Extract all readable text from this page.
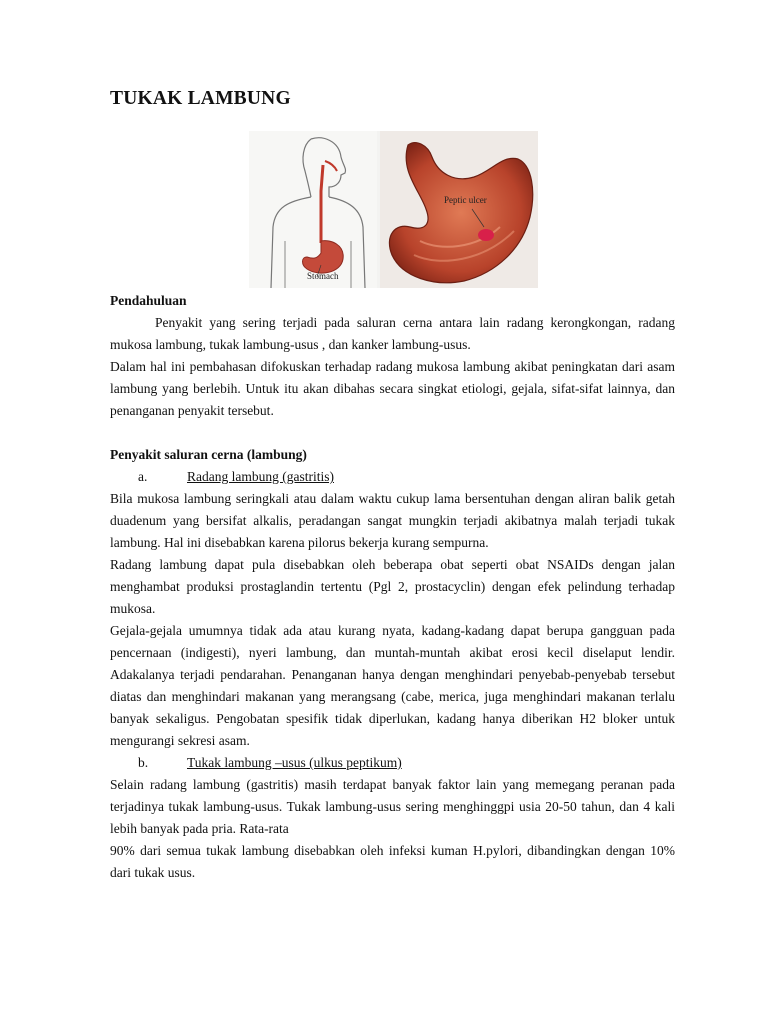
TUKAK LAMBUNG
Stomach
Peptic ulcer

Pendahuluan

Penyakit yang sering terjadi pada saluran cerna antara lain radang kerongkongan, radang mukosa lambung, tukak lambung-usus , dan kanker lambung-usus.

Dalam hal ini pembahasan difokuskan terhadap radang mukosa lambung akibat peningkatan dari asam lambung yang berlebih. Untuk itu akan dibahas secara singkat etiologi, gejala, sifat-sifat lainnya, dan penanganan penyakit tersebut.

Penyakit saluran cerna (lambung)

a.	Radang lambung (gastritis)

Bila mukosa lambung seringkali atau dalam waktu cukup lama bersentuhan dengan aliran balik getah duadenum yang bersifat alkalis, peradangan sangat mungkin terjadi akibatnya malah terjadi tukak lambung. Hal ini disebabkan karena pilorus bekerja kurang sempurna.

Radang lambung dapat pula disebabkan oleh beberapa obat seperti obat NSAIDs dengan jalan menghambat produksi prostaglandin tertentu (Pgl 2, prostacyclin) dengan efek pelindung terhadap mukosa.

Gejala-gejala umumnya tidak ada atau kurang nyata, kadang-kadang dapat berupa gangguan pada pencernaan (indigesti), nyeri lambung, dan muntah-muntah akibat erosi kecil diselaput lendir. Adakalanya terjadi pendarahan. Penanganan hanya dengan menghindari penyebab-penyebab tersebut diatas dan menghindari makanan yang merangsang (cabe, merica, juga menghindari makanan terlalu banyak sekaligus. Pengobatan spesifik tidak diperlukan, kadang hanya diberikan H2 bloker untuk mengurangi sekresi asam.

b.	Tukak lambung –usus (ulkus peptikum)

Selain radang lambung (gastritis) masih terdapat banyak faktor lain yang memegang peranan pada terjadinya tukak lambung-usus. Tukak lambung-usus sering menghinggpi usia 20-50 tahun, dan 4 kali lebih banyak pada pria. Rata-rata

90% dari semua tukak lambung disebabkan oleh infeksi kuman H.pylori, dibandingkan dengan 10% dari tukak usus.
